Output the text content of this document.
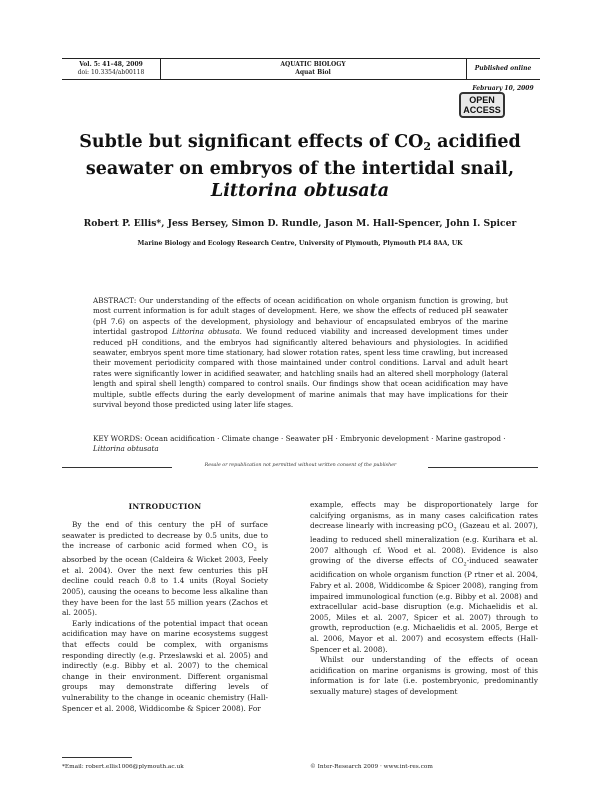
Vol. 5: 41–48, 2009
doi: 10.3354/ab00118
AQUATIC BIOLOGY
Aquat Biol
Published online February 10, 2009
OPEN
ACCESS
Subtle but significant effects of $CO_2$ acidified
seawater on embryos of the intertidal snail,
Littorina obtusata
Robert P. Ellis*, Jess Bersey, Simon D. Rundle, Jason M. Hall-Spencer, John I. Spicer
Marine Biology and Ecology Research Centre, University of Plymouth, Plymouth PL4 8AA, UK
ABSTRACT: Our understanding of the effects of ocean acidification on whole organism function is growing, but most current information is for adult stages of development. Here, we show the effects of reduced pH seawater (pH 7.6) on aspects of the development, physiology and behaviour of encapsulated embryos of the marine intertidal gastropod Littorina obtusata. We found reduced viability and increased development times under reduced pH conditions, and the embryos had significantly altered behaviours and physiologies. In acidified seawater, embryos spent more time stationary, had slower rotation rates, spent less time crawling, but increased their movement periodicity compared with those maintained under control conditions. Larval and adult heart rates were significantly lower in acidified seawater, and hatchling snails had an altered shell morphology (lateral length and spiral shell length) compared to control snails. Our findings show that ocean acidification may have multiple, subtle effects during the early development of marine animals that may have implications for their survival beyond those predicted using later life stages.
KEY WORDS: Ocean acidification · Climate change · Seawater pH · Embryonic development · Marine gastropod · Littorina obtusata
Resale or republication not permitted without written consent of the publisher
INTRODUCTION

By the end of this century the pH of surface seawater is predicted to decrease by 0.5 units, due to the increase of carbonic acid formed when $CO_2$ is absorbed by the ocean (Caldeira & Wicket 2003, Feely et al. 2004). Over the next few centuries this pH decline could reach 0.8 to 1.4 units (Royal Society 2005), causing the oceans to become less alkaline than they have been for the last 55 million years (Zachos et al. 2005).

Early indications of the potential impact that ocean acidification may have on marine ecosystems suggest that effects could be complex, with organisms responding directly (e.g. Przeslawski et al. 2005) and indirectly (e.g. Bibby et al. 2007) to the chemical change in their environment. Different organismal groups may demonstrate differing levels of vulnerability to the change in oceanic chemistry (Hall-Spencer et al. 2008, Widdicombe & Spicer 2008). For

example, effects may be disproportionately large for calcifying organisms, as in many cases calcification rates decrease linearly with increasing pCO$_2$ (Gazeau et al. 2007), leading to reduced shell mineralization (e.g. Kurihara et al. 2007 although cf. Wood et al. 2008). Evidence is also growing of the diverse effects of $CO_2$-induced seawater acidification on whole organism function (P rtner et al. 2004, Fabry et al. 2008, Widdicombe & Spicer 2008), ranging from impaired immunological function (e.g. Bibby et al. 2008) and extracellular acid–base disruption (e.g. Michaelidis et al. 2005, Miles et al. 2007, Spicer et al. 2007) through to growth, reproduction (e.g. Michaelidis et al. 2005, Berge et al. 2006, Mayor et al. 2007) and ecosystem effects (Hall-Spencer et al. 2008).

Whilst our understanding of the effects of ocean acidification on marine organisms is growing, most of this information is for late (i.e. postembryonic, predominantly sexually mature) stages of development

*Email: robert.ellis1006@plymouth.ac.uk	© Inter-Research 2009 · www.int-res.com
